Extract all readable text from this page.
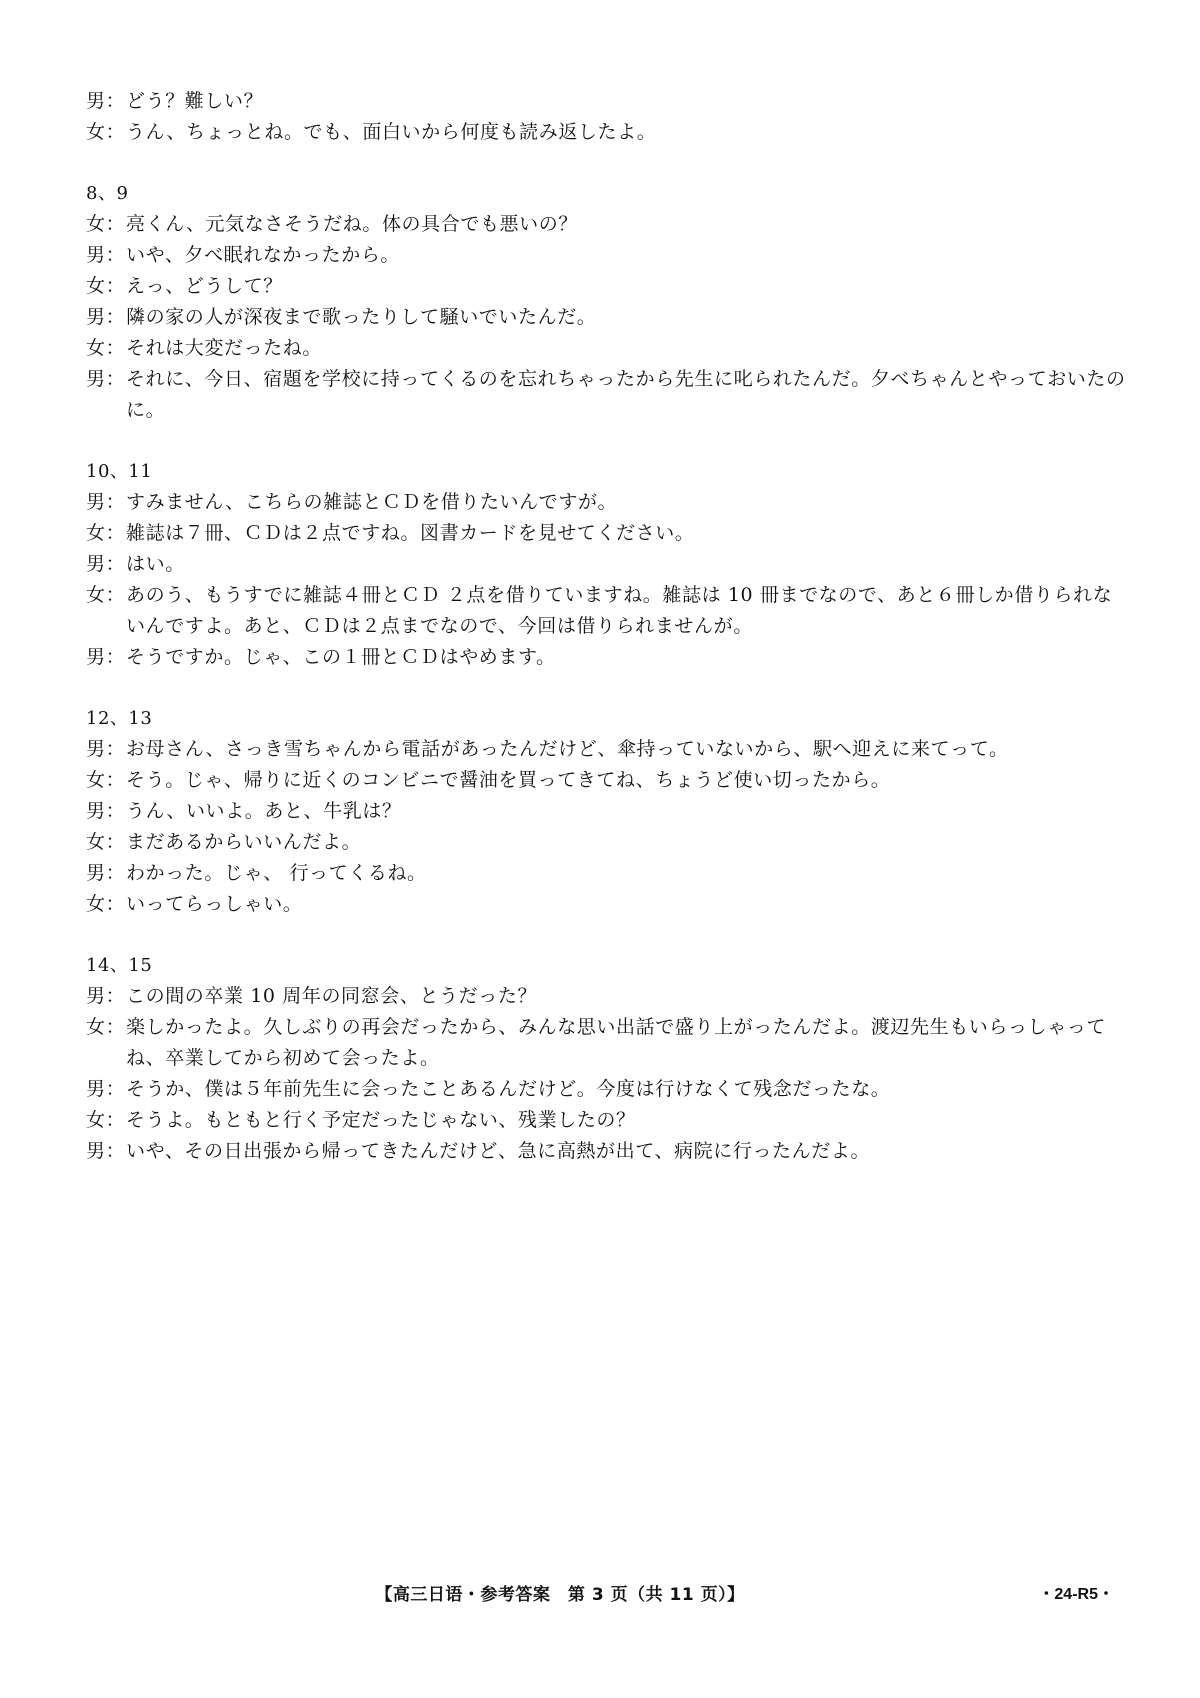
男： どう？難しい？
女： うん、ちょっとね。でも、面白いから何度も読み返したよ。
8、9
女： 亮くん、元気なさそうだね。体の具合でも悪いの？
男： いや、夕べ眠れなかったから。
女： えっ、どうして？
男： 隣の家の人が深夜まで歌ったりして騒いでいたんだ。
女： それは大変だったね。
男： それに、今日、宿題を学校に持ってくるのを忘れちゃったから先生に叱られたんだ。夕べちゃんとやっておいたのに。
10、11
男： すみません、こちらの雑誌とＣＤを借りたいんですが。
女： 雑誌は７冊、ＣＤは２点ですね。図書カードを見せてください。
男： はい。
女： あのう、もうすでに雑誌４冊とＣＤ ２点を借りていますね。雑誌は 10 冊までなので、あと６冊しか借りられないんですよ。あと、ＣＤは２点までなので、今回は借りられませんが。
男： そうですか。じゃ、この１冊とＣＤはやめます。
12、13
男： お母さん、さっき雪ちゃんから電話があったんだけど、傘持っていないから、駅へ迎えに来てって。
女： そう。じゃ、帰りに近くのコンビニで醤油を買ってきてね、ちょうど使い切ったから。
男： うん、いいよ。あと、牛乳は？
女： まだあるからいいんだよ。
男： わかった。じゃ、 行ってくるね。
女： いってらっしゃい。
14、15
男： この間の卒業 10 周年の同窓会、とうだった？
女： 楽しかったよ。久しぶりの再会だったから、みんな思い出話で盛り上がったんだよ。渡辺先生もいらっしゃってね、卒業してから初めて会ったよ。
男： そうか、僕は５年前先生に会ったことあるんだけど。今度は行けなくて残念だったな。
女： そうよ。もともと行く予定だったじゃない、残業したの？
男： いや、その日出張から帰ってきたんだけど、急に高熱が出て、病院に行ったんだよ。
【高三日语・参考答案　第 3 页（共 11 页）】	・24-R5・
